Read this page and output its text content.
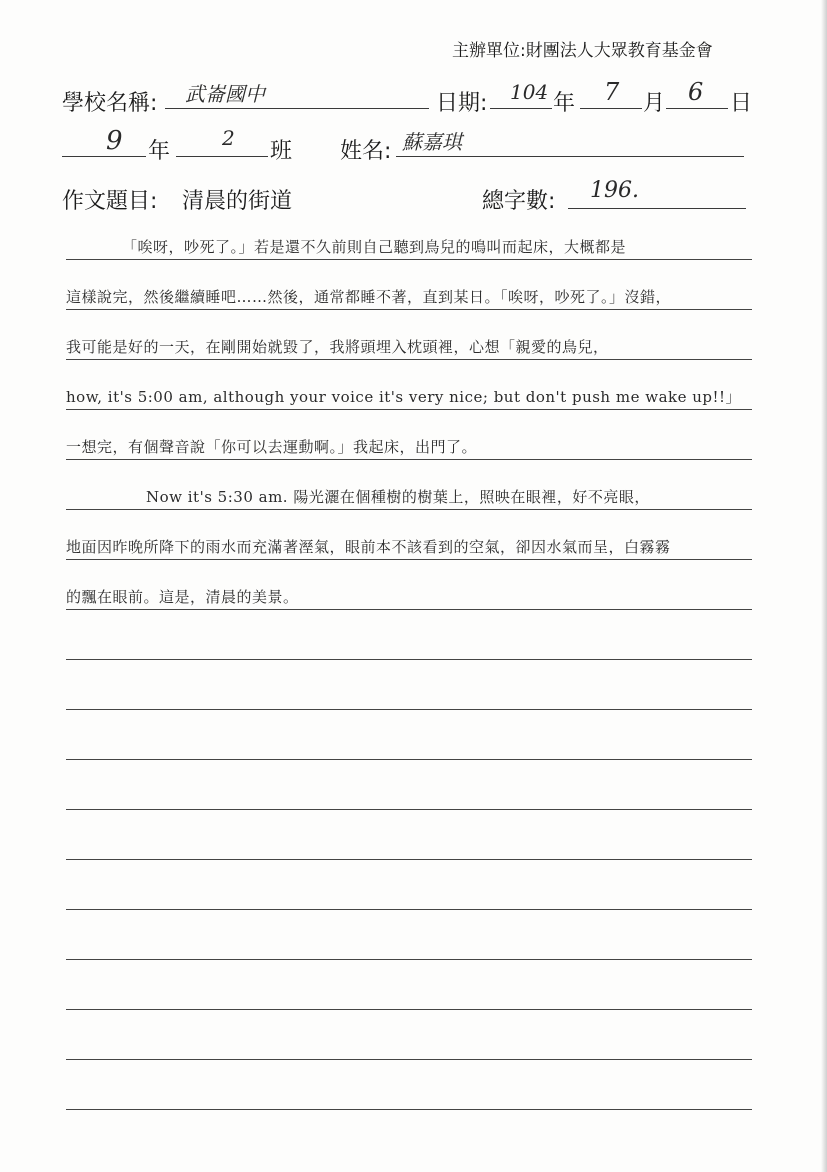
主辦單位:財團法人大眾教育基金會
學校名稱: 武崙國中	日期: 104 年 7 月 6 日
9 年
2
班 姓名: 蘇嘉琪
作文題目: 清晨的街道	總字數: 196.
「唉呀，吵死了。」若是還不久前則自己聽到鳥兒的鳴叫而起床，大概都是
這樣說完，然後繼續睡吧……然後，通常都睡不著，直到某日。「唉呀，吵死了。」沒錯，
我可能是好的一天，在剛開始就毀了，我將頭埋入枕頭裡，心想「親愛的鳥兒，
how, it's 5:00 am, although your voice it's very nice; but don't push me wake up!!」
一想完，有個聲音說「你可以去運動啊。」我起床，出門了。
Now it's 5:30 am. 陽光灑在個種樹的樹葉上，照映在眼裡，好不亮眼，
地面因昨晚所降下的雨水而充滿著溼氣，眼前本不該看到的空氣，卻因水氣而呈，白霧霧
的飄在眼前。這是，清晨的美景。
